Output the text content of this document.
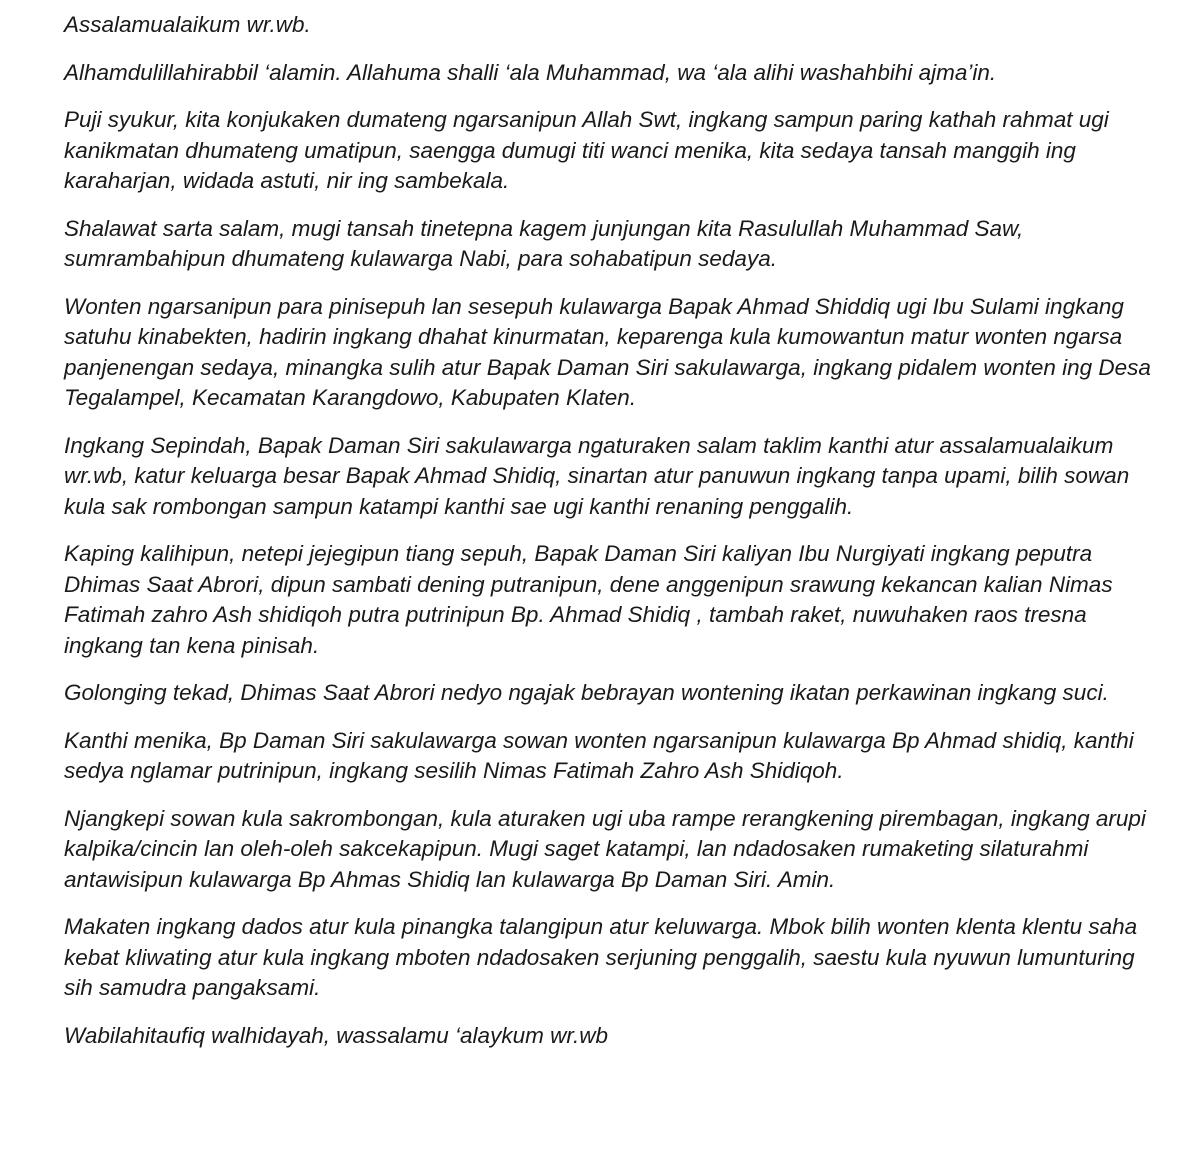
Assalamualaikum wr.wb.

Alhamdulillahirabbil ‘alamin. Allahuma shalli ‘ala Muhammad, wa ‘ala alihi washahbihi ajma’in.

Puji syukur, kita konjukaken dumateng ngarsanipun Allah Swt, ingkang sampun paring kathah rahmat ugi kanikmatan dhumateng umatipun, saengga dumugi titi wanci menika, kita sedaya tansah manggih ing karaharjan, widada astuti, nir ing sambekala.

Shalawat sarta salam, mugi tansah tinetepna kagem junjungan kita Rasulullah Muhammad Saw, sumrambahipun dhumateng kulawarga Nabi, para sohabatipun sedaya.

Wonten ngarsanipun para pinisepuh lan sesepuh kulawarga Bapak Ahmad Shiddiq ugi Ibu Sulami ingkang satuhu kinabekten, hadirin ingkang dhahat kinurmatan, keparenga kula kumowantun matur wonten ngarsa panjenengan sedaya, minangka sulih atur Bapak Daman Siri sakulawarga, ingkang pidalem wonten ing Desa Tegalampel, Kecamatan Karangdowo, Kabupaten Klaten.

Ingkang Sepindah, Bapak Daman Siri sakulawarga ngaturaken salam taklim kanthi atur assalamualaikum wr.wb, katur keluarga besar Bapak Ahmad Shidiq, sinartan atur panuwun ingkang tanpa upami, bilih sowan kula sak rombongan sampun katampi kanthi sae ugi kanthi renaning penggalih.

Kaping kalihipun, netepi jejegipun tiang sepuh, Bapak Daman Siri kaliyan Ibu Nurgiyati ingkang peputra Dhimas Saat Abrori, dipun sambati dening putranipun, dene anggenipun srawung kekancan kalian Nimas Fatimah zahro Ash shidiqoh putra putrinipun Bp. Ahmad Shidiq , tambah raket, nuwuhaken raos tresna ingkang tan kena pinisah.

Golonging tekad, Dhimas Saat Abrori nedyo ngajak bebrayan wontening ikatan perkawinan ingkang suci.

Kanthi menika, Bp Daman Siri sakulawarga sowan wonten ngarsanipun kulawarga Bp Ahmad shidiq, kanthi sedya nglamar putrinipun, ingkang sesilih Nimas Fatimah Zahro Ash Shidiqoh.

Njangkepi sowan kula sakrombongan, kula aturaken ugi uba rampe rerangkening pirembagan, ingkang arupi kalpika/cincin lan oleh-oleh sakcekapipun. Mugi saget katampi, lan ndadosaken rumaketing silaturahmi antawisipun kulawarga Bp Ahmas Shidiq lan kulawarga Bp Daman Siri. Amin.

Makaten ingkang dados atur kula pinangka talangipun atur keluwarga. Mbok bilih wonten klenta klentu saha kebat kliwating atur kula ingkang mboten ndadosaken serjuning penggalih, saestu kula nyuwun lumunturing sih samudra pangaksami.

Wabilahitaufiq walhidayah, wassalamu ‘alaykum wr.wb
